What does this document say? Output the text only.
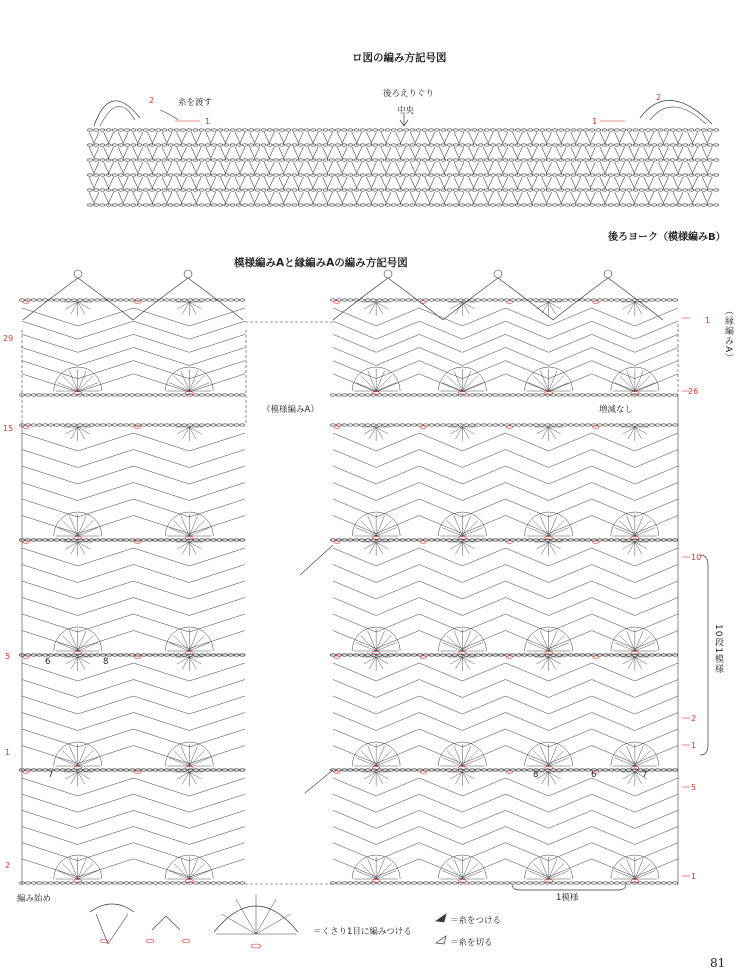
ロ図の編み方記号図
糸を渡す
後ろえりぐり
中央
2
1
2
1
後ろヨーク（模様編みB）
模様編みAと縁編みAの編み方記号図
（模様編みA）	増減なし
（縁編みA）
10段1模様
1模様
編み始め
29
15
5
1
2
1
26
10
2
1
5
1
6	8
7	8	6	7
＝くさり1目に編みつける
＝糸をつける
＝糸を切る
81
